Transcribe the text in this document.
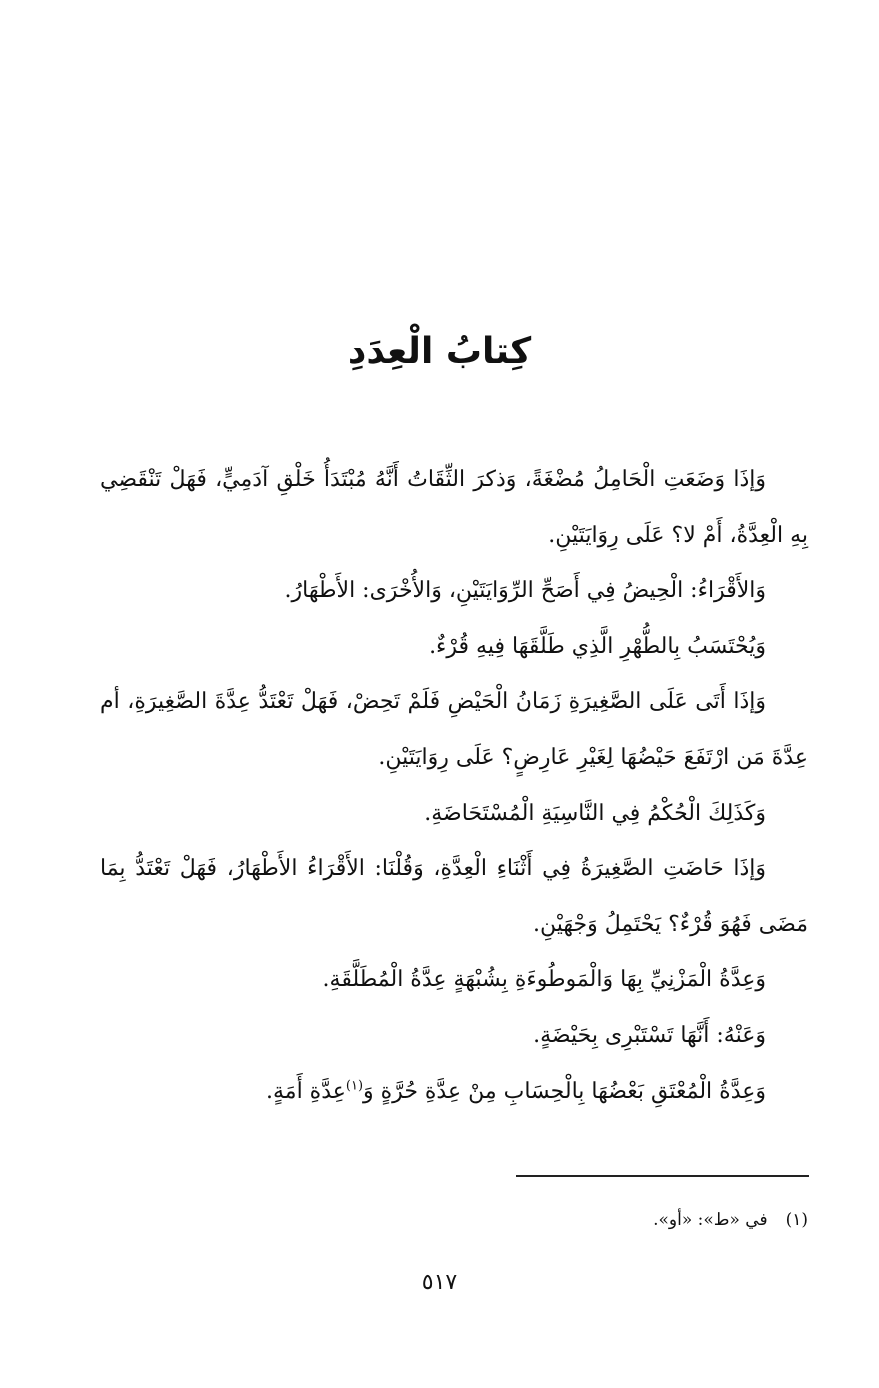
كِتابُ الْعِدَدِ

وَإذَا وَضَعَتِ الْحَامِلُ مُضْغَةً، وَذكرَ الثِّقَاتُ أَنَّهُ مُبْتَدَأُ خَلْقِ آدَمِيٍّ، فَهَلْ تَنْقَضِي بِهِ الْعِدَّةُ، أَمْ لا؟ عَلَى رِوَايَتَيْنِ.

وَالأَقْرَاءُ: الْحِيضُ فِي أَصَحِّ الرِّوَايَتَيْنِ، وَالأُخْرَى: الأَطْهَارُ.

وَيُحْتَسَبُ بِالطُّهْرِ الَّذِي طَلَّقَهَا فِيهِ قُرْءٌ.

وَإذَا أَتَى عَلَى الصَّغِيرَةِ زَمَانُ الْحَيْضِ فَلَمْ تَحِضْ، فَهَلْ تَعْتَدُّ عِدَّةَ الصَّغِيرَةِ، أم عِدَّةَ مَن ارْتَفَعَ حَيْضُهَا لِغَيْرِ عَارِضٍ؟ عَلَى رِوَايَتَيْنِ.

وَكَذَلِكَ الْحُكْمُ فِي النَّاسِيَةِ الْمُسْتَحَاضَةِ.

وَإذَا حَاضَتِ الصَّغِيرَةُ فِي أَثْنَاءِ الْعِدَّةِ، وَقُلْنَا: الأَقْرَاءُ الأَطْهَارُ، فَهَلْ تَعْتَدُّ بِمَا مَضَى فَهُوَ قُرْءٌ؟ يَحْتَمِلُ وَجْهَيْنِ.

وَعِدَّةُ الْمَزْنِيِّ بِهَا وَالْمَوطُوءَةِ بِشُبْهَةٍ عِدَّةُ الْمُطَلَّقَةِ.

وَعَنْهُ: أَنَّهَا تَسْتَبْرِى بِحَيْضَةٍ.

وَعِدَّةُ الْمُعْتَقِ بَعْضُهَا بِالْحِسَابِ مِنْ عِدَّةِ حُرَّةٍ وَ$^{(١)}$عِدَّةِ أَمَةٍ.

(١)في «ط»: «أو».

٥١٧
